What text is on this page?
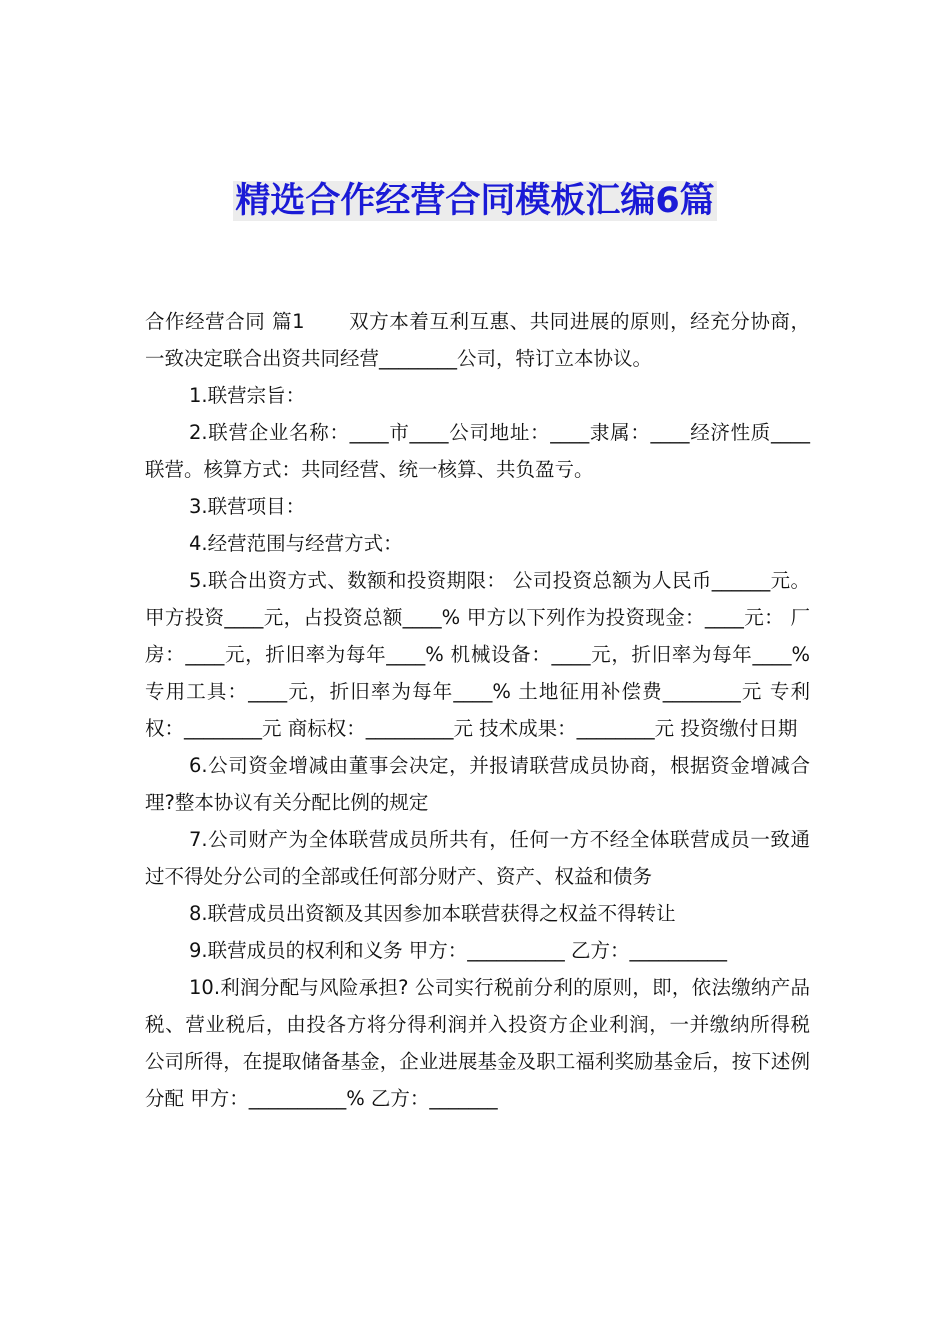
精选合作经营合同模板汇编6篇

合作经营合同 篇1 双方本着互利互惠、共同进展的原则，经充分协商，一致决定联合出资共同经营________公司，特订立本协议。

1.联营宗旨：

2.联营企业名称：____市____公司地址：____隶属：____经济性质____联营。核算方式：共同经营、统一核算、共负盈亏。

3.联营项目：

4.经营范围与经营方式：

5.联合出资方式、数额和投资期限： 公司投资总额为人民币______元。 甲方投资____元，占投资总额____% 甲方以下列作为投资现金：____元： 厂房：____元，折旧率为每年____% 机械设备：____元，折旧率为每年____% 专用工具：____元，折旧率为每年____% 土地征用补偿费________元 专利权：________元 商标权：_________元 技术成果：________元 投资缴付日期

6.公司资金增减由董事会决定，并报请联营成员协商，根据资金增减合理?整本协议有关分配比例的规定

7.公司财产为全体联营成员所共有，任何一方不经全体联营成员一致通过不得处分公司的全部或任何部分财产、资产、权益和债务

8.联营成员出资额及其因参加本联营获得之权益不得转让

9.联营成员的权利和义务 甲方：__________ 乙方：__________

10.利润分配与风险承担? 公司实行税前分利的原则，即，依法缴纳产品税、营业税后，由投各方将分得利润并入投资方企业利润，一并缴纳所得税 公司所得，在提取储备基金，企业进展基金及职工福利奖励基金后，按下述例分配 甲方：__________% 乙方：_______
